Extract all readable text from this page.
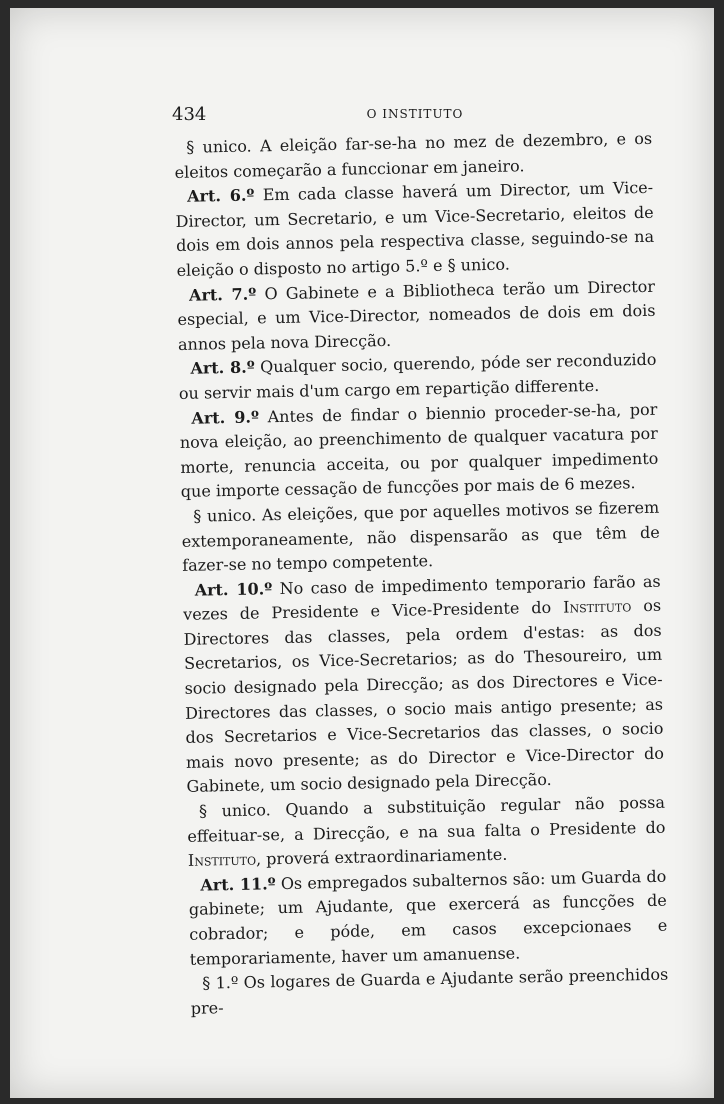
434	O INSTITUTO

§ unico. A eleição far-se-ha no mez de dezembro, e os eleitos começarão a funccionar em janeiro.

Art. 6.º Em cada classe haverá um Director, um Vice-Director, um Secretario, e um Vice-Secretario, eleitos de dois em dois annos pela respectiva classe, seguindo-se na eleição o disposto no artigo 5.º e § unico.

Art. 7.º O Gabinete e a Bibliotheca terão um Director especial, e um Vice-Director, nomeados de dois em dois annos pela nova Direcção.

Art. 8.º Qualquer socio, querendo, póde ser reconduzido ou servir mais d'um cargo em repartição differente.

Art. 9.º Antes de findar o biennio proceder-se-ha, por nova eleição, ao preenchimento de qualquer vacatura por morte, renuncia acceita, ou por qualquer impedimento que importe cessação de funcções por mais de 6 mezes.

§ unico. As eleições, que por aquelles motivos se fizerem extemporaneamente, não dispensarão as que têm de fazer-se no tempo competente.

Art. 10.º No caso de impedimento temporario farão as vezes de Presidente e Vice-Presidente do Instituto os Directores das classes, pela ordem d'estas: as dos Secretarios, os Vice-Secretarios; as do Thesoureiro, um socio designado pela Direcção; as dos Directores e Vice-Directores das classes, o socio mais antigo presente; as dos Secretarios e Vice-Secretarios das classes, o socio mais novo presente; as do Director e Vice-Director do Gabinete, um socio designado pela Direcção.

§ unico. Quando a substituição regular não possa effeituar-se, a Direcção, e na sua falta o Presidente do Instituto, proverá extraordinariamente.

Art. 11.º Os empregados subalternos são: um Guarda do gabinete; um Ajudante, que exercerá as funcções de cobrador; e póde, em casos excepcionaes e temporariamente, haver um amanuense.

§ 1.º Os logares de Guarda e Ajudante serão preenchidos pre-
